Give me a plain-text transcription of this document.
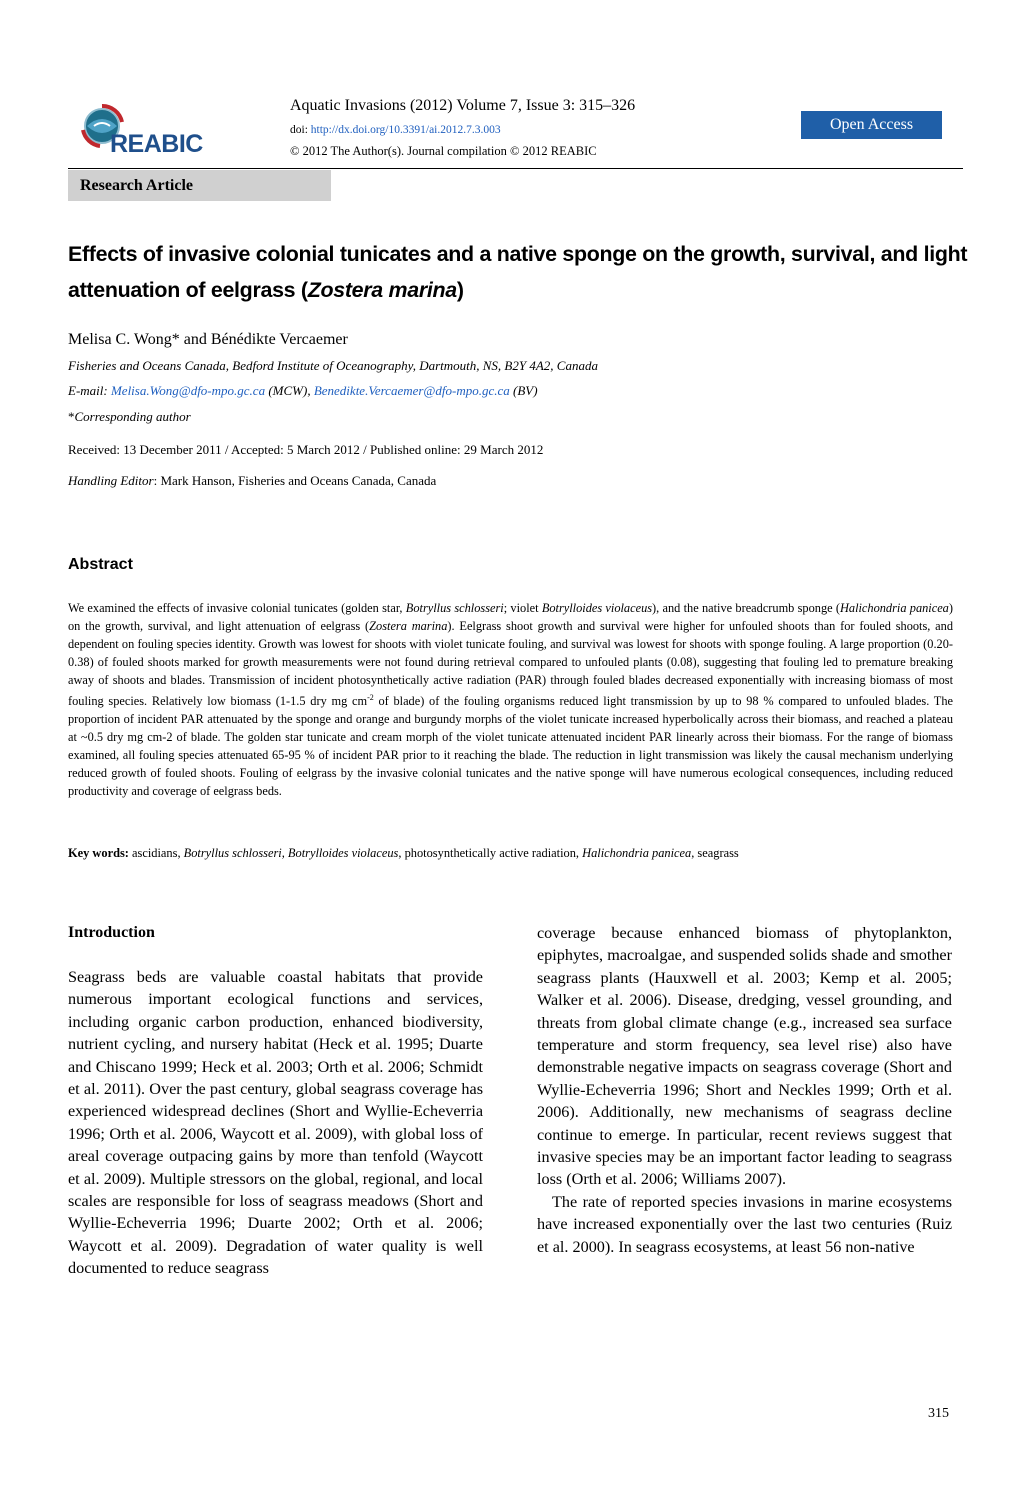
REABIC
Aquatic Invasions (2012) Volume 7, Issue 3: 315–326
doi: http://dx.doi.org/10.3391/ai.2012.7.3.003
© 2012 The Author(s). Journal compilation © 2012 REABIC
Open Access
Research Article
Effects of invasive colonial tunicates and a native sponge on the growth, survival, and light attenuation of eelgrass (Zostera marina)
Melisa C. Wong* and Bénédikte Vercaemer
Fisheries and Oceans Canada, Bedford Institute of Oceanography, Dartmouth, NS, B2Y 4A2, Canada
E-mail: Melisa.Wong@dfo-mpo.gc.ca (MCW), Benedikte.Vercaemer@dfo-mpo.gc.ca (BV)
*Corresponding author
Received: 13 December 2011 / Accepted: 5 March 2012 / Published online: 29 March 2012
Handling Editor: Mark Hanson, Fisheries and Oceans Canada, Canada
Abstract

We examined the effects of invasive colonial tunicates (golden star, Botryllus schlosseri; violet Botrylloides violaceus), and the native breadcrumb sponge (Halichondria panicea) on the growth, survival, and light attenuation of eelgrass (Zostera marina). Eelgrass shoot growth and survival were higher for unfouled shoots than for fouled shoots, and dependent on fouling species identity. Growth was lowest for shoots with violet tunicate fouling, and survival was lowest for shoots with sponge fouling. A large proportion (0.20-0.38) of fouled shoots marked for growth measurements were not found during retrieval compared to unfouled plants (0.08), suggesting that fouling led to premature breaking away of shoots and blades. Transmission of incident photosynthetically active radiation (PAR) through fouled blades decreased exponentially with increasing biomass of most fouling species. Relatively low biomass (1-1.5 dry mg $cm^{-2}$ of blade) of the fouling organisms reduced light transmission by up to 98 % compared to unfouled blades. The proportion of incident PAR attenuated by the sponge and orange and burgundy morphs of the violet tunicate increased hyperbolically across their biomass, and reached a plateau at ~0.5 dry mg cm-2 of blade. The golden star tunicate and cream morph of the violet tunicate attenuated incident PAR linearly across their biomass. For the range of biomass examined, all fouling species attenuated 65-95 % of incident PAR prior to it reaching the blade. The reduction in light transmission was likely the causal mechanism underlying reduced growth of fouled shoots. Fouling of eelgrass by the invasive colonial tunicates and the native sponge will have numerous ecological consequences, including reduced productivity and coverage of eelgrass beds.

Key words: ascidians, Botryllus schlosseri, Botrylloides violaceus, photosynthetically active radiation, Halichondria panicea, seagrass
Introduction

Seagrass beds are valuable coastal habitats that provide numerous important ecological functions and services, including organic carbon production, enhanced biodiversity, nutrient cycling, and nursery habitat (Heck et al. 1995; Duarte and Chiscano 1999; Heck et al. 2003; Orth et al. 2006; Schmidt et al. 2011). Over the past century, global seagrass coverage has experienced widespread declines (Short and Wyllie-Echeverria 1996; Orth et al. 2006, Waycott et al. 2009), with global loss of areal coverage outpacing gains by more than tenfold (Waycott et al. 2009). Multiple stressors on the global, regional, and local scales are responsible for loss of seagrass meadows (Short and Wyllie-Echeverria 1996; Duarte 2002; Orth et al. 2006; Waycott et al. 2009). Degradation of water quality is well documented to reduce seagrass

coverage because enhanced biomass of phytoplankton, epiphytes, macroalgae, and suspended solids shade and smother seagrass plants (Hauxwell et al. 2003; Kemp et al. 2005; Walker et al. 2006). Disease, dredging, vessel grounding, and threats from global climate change (e.g., increased sea surface temperature and storm frequency, sea level rise) also have demonstrable negative impacts on seagrass coverage (Short and Wyllie-Echeverria 1996; Short and Neckles 1999; Orth et al. 2006). Additionally, new mechanisms of seagrass decline continue to emerge. In particular, recent reviews suggest that invasive species may be an important factor leading to seagrass loss (Orth et al. 2006; Williams 2007).

The rate of reported species invasions in marine ecosystems have increased exponentially over the last two centuries (Ruiz et al. 2000). In seagrass ecosystems, at least 56 non-native

315
